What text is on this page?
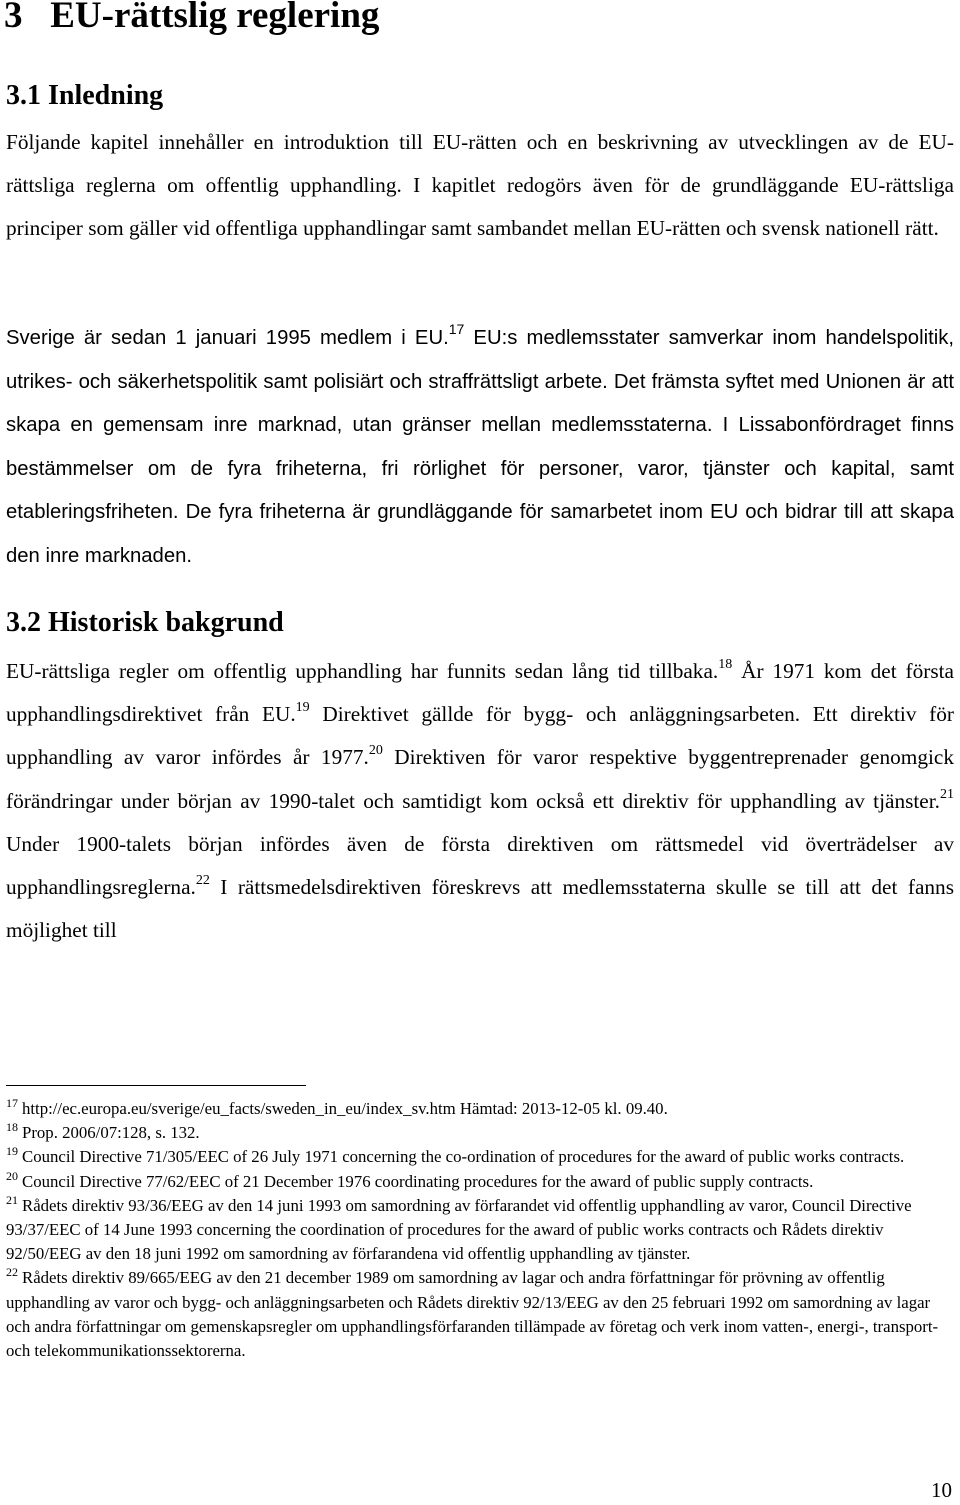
3 EU-rättslig reglering
3.1 Inledning

Följande kapitel innehåller en introduktion till EU-rätten och en beskrivning av utvecklingen av de EU-rättsliga reglerna om offentlig upphandling. I kapitlet redogörs även för de grundläggande EU-rättsliga principer som gäller vid offentliga upphandlingar samt sambandet mellan EU-rätten och svensk nationell rätt.

Sverige är sedan 1 januari 1995 medlem i EU.$^{17}$ EU:s medlemsstater samverkar inom handelspolitik, utrikes- och säkerhetspolitik samt polisiärt och straffrättsligt arbete. Det främsta syftet med Unionen är att skapa en gemensam inre marknad, utan gränser mellan medlemsstaterna. I Lissabonfördraget finns bestämmelser om de fyra friheterna, fri rörlighet för personer, varor, tjänster och kapital, samt etableringsfriheten. De fyra friheterna är grundläggande för samarbetet inom EU och bidrar till att skapa den inre marknaden.

3.2 Historisk bakgrund

EU-rättsliga regler om offentlig upphandling har funnits sedan lång tid tillbaka.$^{18}$ År 1971 kom det första upphandlingsdirektivet från EU.$^{19}$ Direktivet gällde för bygg- och anläggningsarbeten. Ett direktiv för upphandling av varor infördes år 1977.20 Direktiven för varor respektive byggentreprenader genomgick förändringar under början av 1990-talet och samtidigt kom också ett direktiv för upphandling av tjänster.$^{21}$ Under 1900-talets början infördes även de första direktiven om rättsmedel vid överträdelser av upphandlingsreglerna.$^{22}$ I rättsmedelsdirektiven föreskrevs att medlemsstaterna skulle se till att det fanns möjlighet till

$^{17}$ http://ec.europa.eu/sverige/eu_facts/sweden_in_eu/index_sv.htm Hämtad: 2013-12-05 kl. 09.40.
$^{18}$ Prop. 2006/07:128, s. 132.
$^{19}$ Council Directive 71/305/EEC of 26 July 1971 concerning the co-ordination of procedures for the award of public works contracts.
$^{20}$ Council Directive 77/62/EEC of 21 December 1976 coordinating procedures for the award of public supply contracts.
$^{21}$ Rådets direktiv 93/36/EEG av den 14 juni 1993 om samordning av förfarandet vid offentlig upphandling av varor, Council Directive 93/37/EEC of 14 June 1993 concerning the coordination of procedures for the award of public works contracts och Rådets direktiv 92/50/EEG av den 18 juni 1992 om samordning av förfarandena vid offentlig upphandling av tjänster.
$^{22}$ Rådets direktiv 89/665/EEG av den 21 december 1989 om samordning av lagar och andra författningar för prövning av offentlig upphandling av varor och bygg- och anläggningsarbeten och Rådets direktiv 92/13/EEG av den 25 februari 1992 om samordning av lagar och andra författningar om gemenskapsregler om upphandlingsförfaranden tillämpade av företag och verk inom vatten-, energi-, transport- och telekommunikationssektorerna.
10
